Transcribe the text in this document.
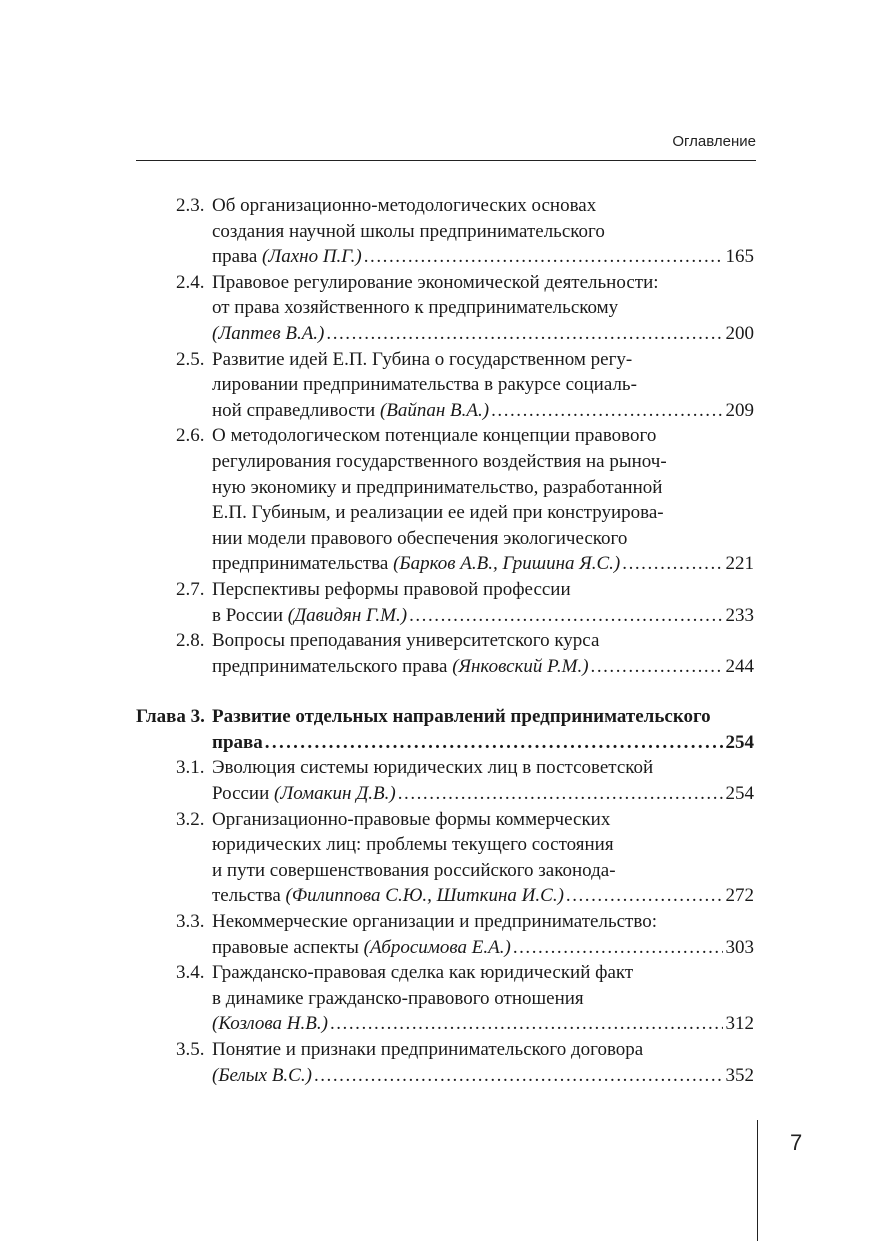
Оглавление
2.3. Об организационно-методологических основах
создания научной школы предпринимательского
права (Лахно П.Г.) . . .	165
2.4. Правовое регулирование экономической деятельности:
от права хозяйственного к предпринимательскому
(Лаптев В.А.) . . .	200
2.5. Развитие идей Е.П. Губина о государственном регу-
лировании предпринимательства в ракурсе социаль-
ной справедливости (Вайпан В.А.) . . .	209
2.6. О методологическом потенциале концепции правового
регулирования государственного воздействия на рыноч-
ную экономику и предпринимательство, разработанной
Е.П. Губиным, и реализации ее идей при конструирова-
нии модели правового обеспечения экологического
предпринимательства (Барков А.В., Гришина Я.С.) . . .	221
2.7. Перспективы реформы правовой профессии
в России (Давидян Г.М.) . . .	233
2.8. Вопросы преподавания университетского курса
предпринимательского права (Янковский Р.М.) . . .	244
Глава 3. Развитие отдельных направлений предпринимательского
права . . .	254
3.1. Эволюция системы юридических лиц в постсоветской
России (Ломакин Д.В.) . . .	254
3.2. Организационно-правовые формы коммерческих
юридических лиц: проблемы текущего состояния
и пути совершенствования российского законода-
тельства (Филиппова С.Ю., Шиткина И.С.) . . .	272
3.3. Некоммерческие организации и предпринимательство:
правовые аспекты (Абросимова Е.А.) . . .	303
3.4. Гражданско-правовая сделка как юридический факт
в динамике гражданско-правового отношения
(Козлова Н.В.) . . .	312
3.5. Понятие и признаки предпринимательского договора
(Белых В.С.) . . .	352
7
